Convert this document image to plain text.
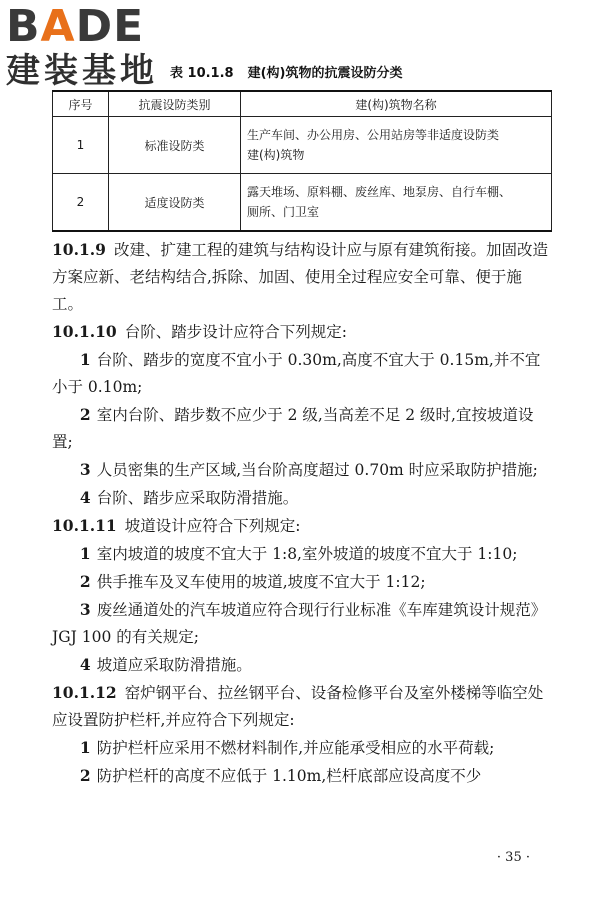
BADE
建装基地 表 10.1.8 建(构)筑物的抗震设防分类
序号	抗震设防类别	建(构)筑物名称
1	标准设防类	生产车间、办公用房、公用站房等非适度设防类
建(构)筑物

2	适度设防类	露天堆场、原料棚、废丝库、地泵房、自行车棚、
厕所、门卫室

10.1.9 改建、扩建工程的建筑与结构设计应与原有建筑衔接。加固改造方案应新、老结构结合,拆除、加固、使用全过程应安全可靠、便于施工。

10.1.10 台阶、踏步设计应符合下列规定:

1 台阶、踏步的宽度不宜小于 0.30m,高度不宜大于 0.15m,并不宜小于 0.10m;

2 室内台阶、踏步数不应少于 2 级,当高差不足 2 级时,宜按坡道设置;

3 人员密集的生产区域,当台阶高度超过 0.70m 时应采取防护措施;

4 台阶、踏步应采取防滑措施。

10.1.11 坡道设计应符合下列规定:

1 室内坡道的坡度不宜大于 1:8,室外坡道的坡度不宜大于 1:10;

2 供手推车及叉车使用的坡道,坡度不宜大于 1:12;

3 废丝通道处的汽车坡道应符合现行行业标准《车库建筑设计规范》JGJ 100 的有关规定;

4 坡道应采取防滑措施。

10.1.12 窑炉钢平台、拉丝钢平台、设备检修平台及室外楼梯等临空处应设置防护栏杆,并应符合下列规定:

1 防护栏杆应采用不燃材料制作,并应能承受相应的水平荷载;

2 防护栏杆的高度不应低于 1.10m,栏杆底部应设高度不少

· 35 ·
